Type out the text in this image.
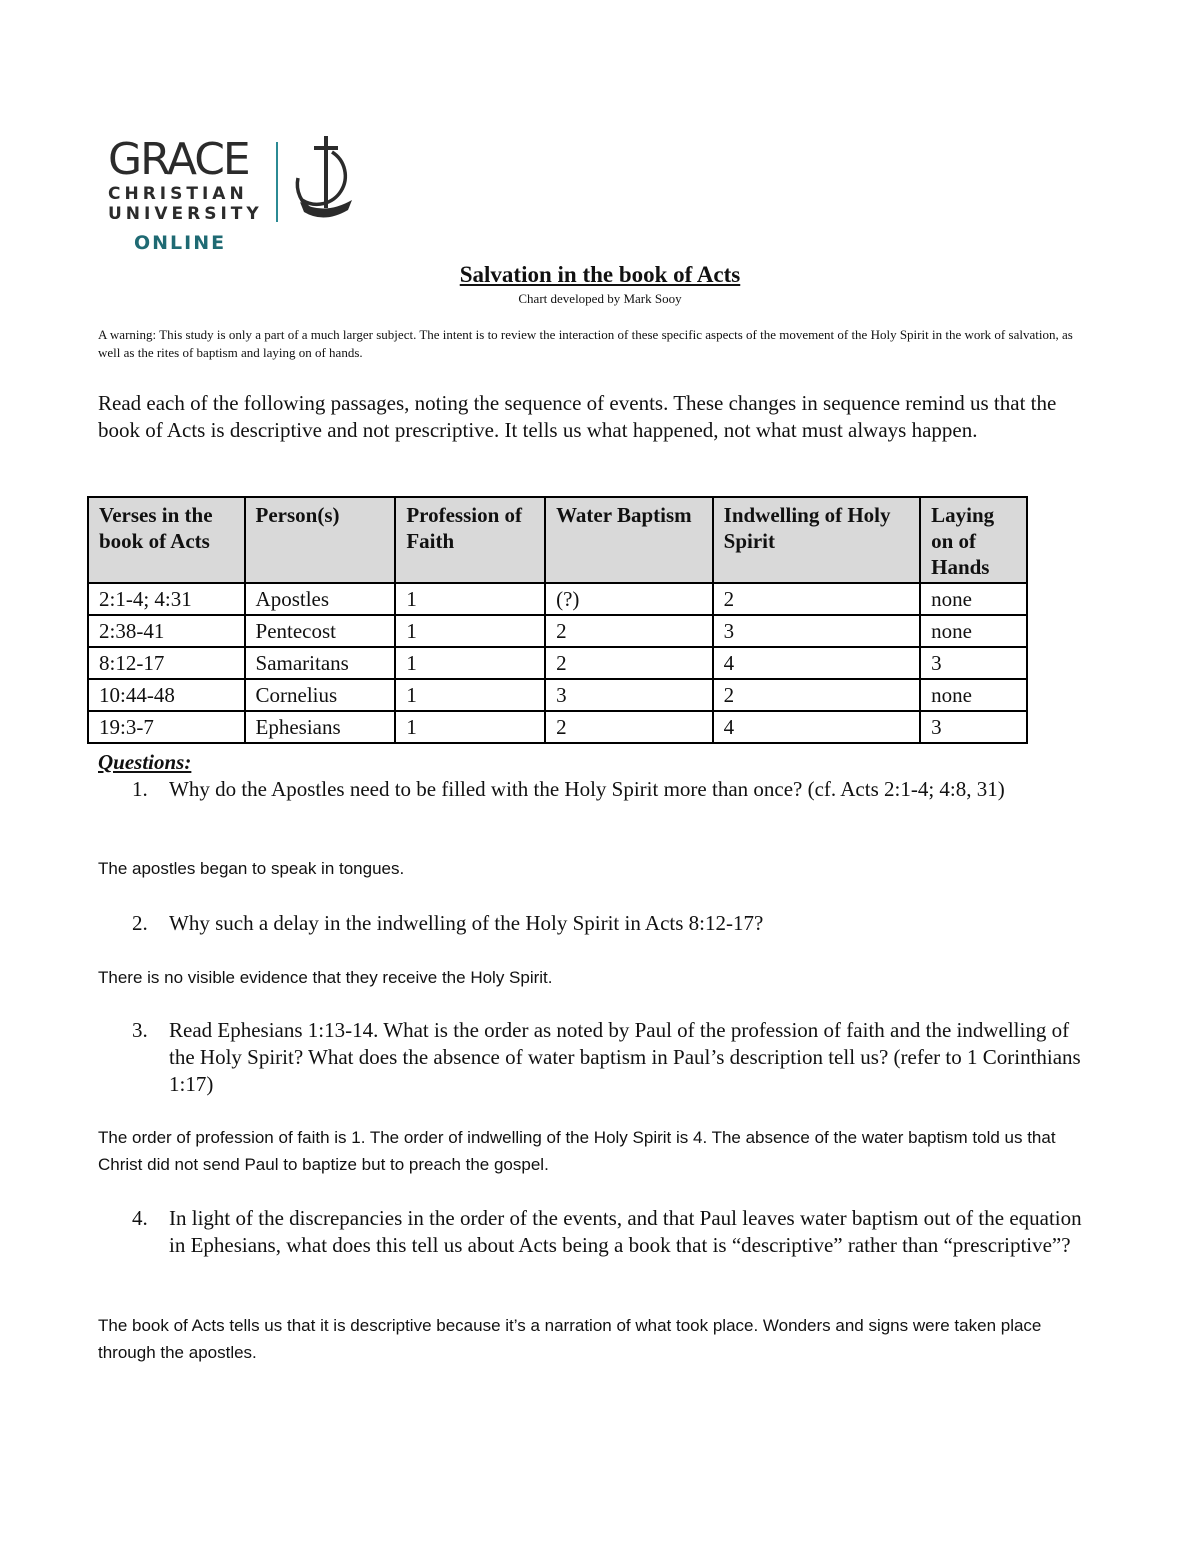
GRACE
CHRISTIAN
UNIVERSITY
ONLINE
Salvation in the book of Acts
Chart developed by Mark Sooy
A warning: This study is only a part of a much larger subject. The intent is to review the interaction of these specific aspects of the movement of the Holy Spirit in the work of salvation, as well as the rites of baptism and laying on of hands.
Read each of the following passages, noting the sequence of events. These changes in sequence remind us that the book of Acts is descriptive and not prescriptive. It tells us what happened, not what must always happen.
Verses in the book of Acts	Person(s)	Profession of Faith	Water Baptism	Indwelling of Holy Spirit	Laying on of Hands
2:1-4; 4:31	Apostles	1	(?)	2	none
2:38-41	Pentecost	1	2	3	none
8:12-17	Samaritans	1	2	4	3
10:44-48	Cornelius	1	3	2	none
19:3-7	Ephesians	1	2	4	3
Questions:
1. Why do the Apostles need to be filled with the Holy Spirit more than once? (cf. Acts 2:1-4; 4:8, 31)
The apostles began to speak in tongues.
2. Why such a delay in the indwelling of the Holy Spirit in Acts 8:12-17?
There is no visible evidence that they receive the Holy Spirit.
3. Read Ephesians 1:13-14. What is the order as noted by Paul of the profession of faith and the indwelling of the Holy Spirit? What does the absence of water baptism in Paul’s description tell us? (refer to 1 Corinthians 1:17)
The order of profession of faith is 1. The order of indwelling of the Holy Spirit is 4. The absence of the water baptism told us that Christ did not send Paul to baptize but to preach the gospel.
4. In light of the discrepancies in the order of the events, and that Paul leaves water baptism out of the equation in Ephesians, what does this tell us about Acts being a book that is “descriptive” rather than “prescriptive”?
The book of Acts tells us that it is descriptive because it’s a narration of what took place. Wonders and signs were taken place through the apostles.
